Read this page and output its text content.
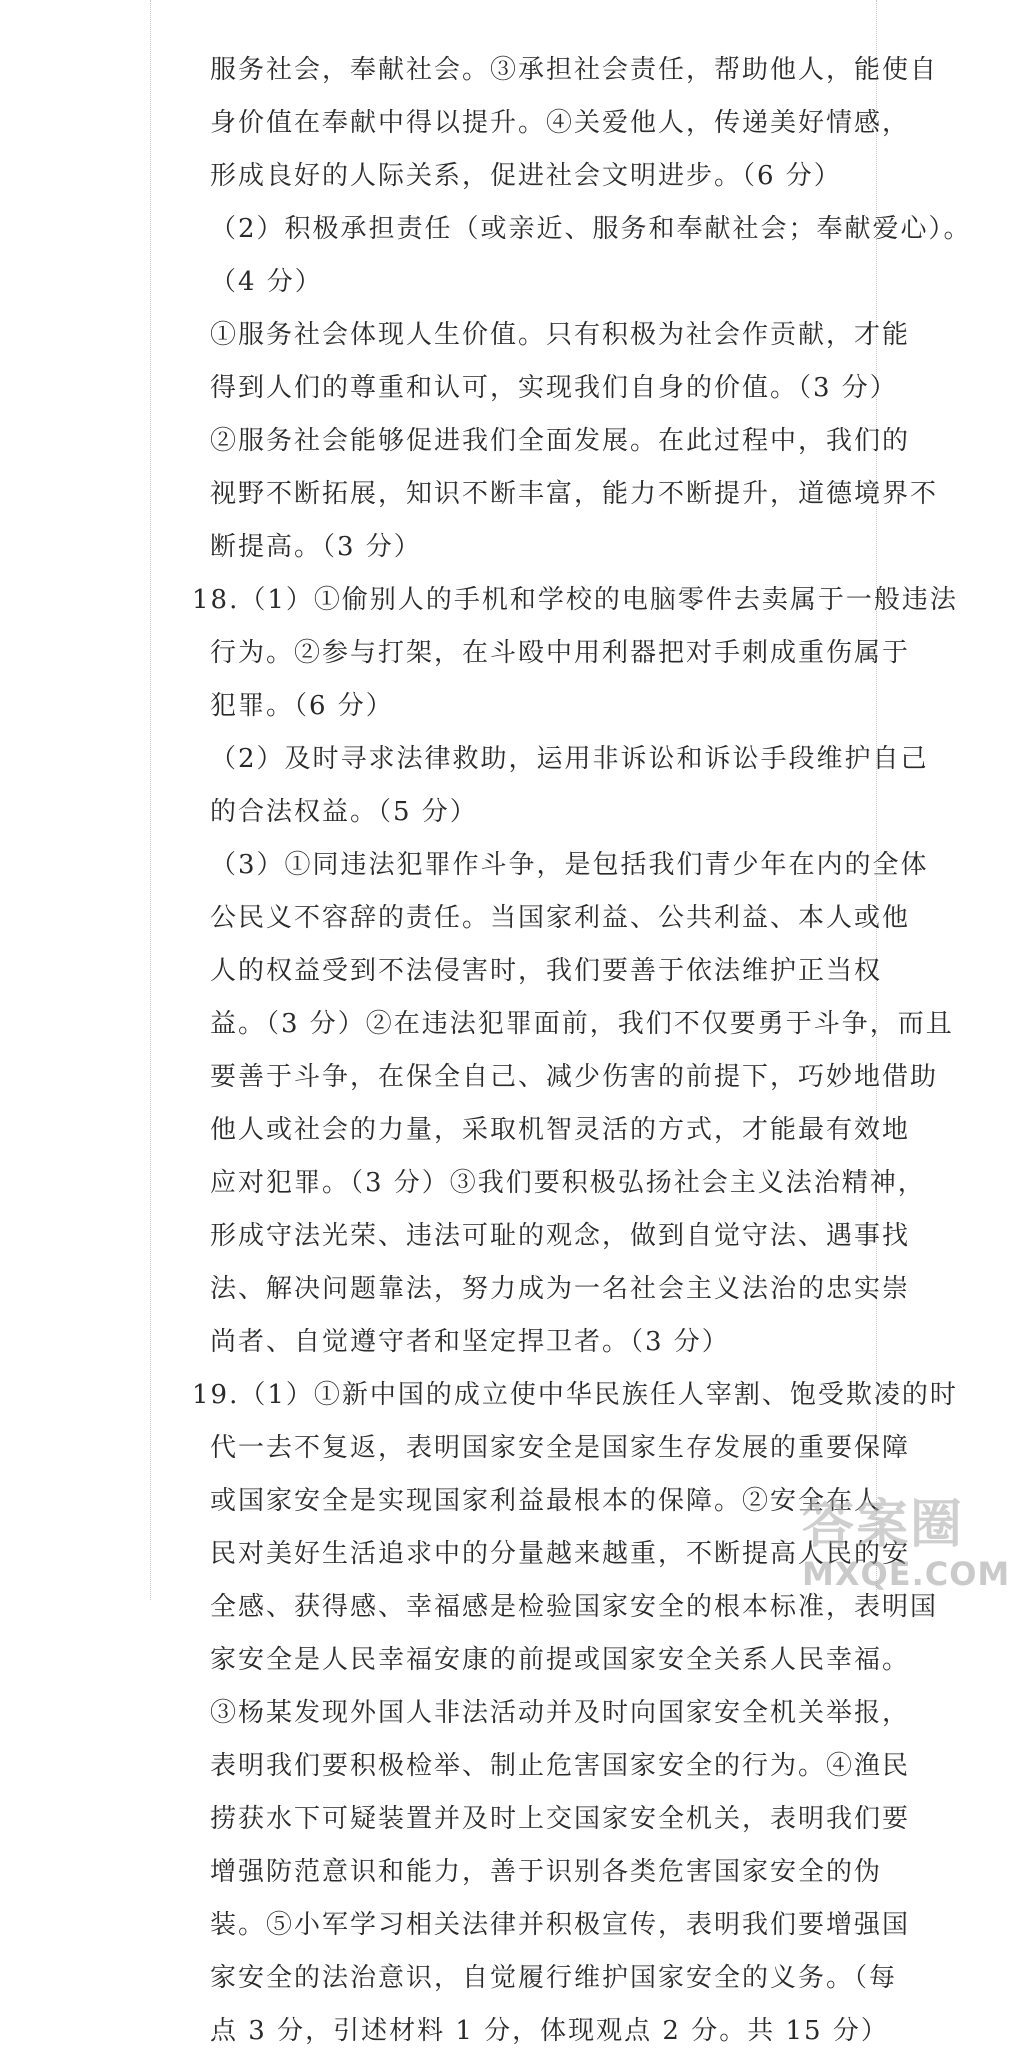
服务社会，奉献社会。③承担社会责任，帮助他人，能使自
身价值在奉献中得以提升。④关爱他人，传递美好情感，
形成良好的人际关系，促进社会文明进步。（6 分）
（2）积极承担责任（或亲近、服务和奉献社会；奉献爱心）。
（4 分）
①服务社会体现人生价值。只有积极为社会作贡献，才能
得到人们的尊重和认可，实现我们自身的价值。（3 分）
②服务社会能够促进我们全面发展。在此过程中，我们的
视野不断拓展，知识不断丰富，能力不断提升，道德境界不
断提高。（3 分）
18.（1）①偷别人的手机和学校的电脑零件去卖属于一般违法
行为。②参与打架，在斗殴中用利器把对手刺成重伤属于
犯罪。（6 分）
（2）及时寻求法律救助，运用非诉讼和诉讼手段维护自己
的合法权益。（5 分）
（3）①同违法犯罪作斗争，是包括我们青少年在内的全体
公民义不容辞的责任。当国家利益、公共利益、本人或他
人的权益受到不法侵害时，我们要善于依法维护正当权
益。（3 分）②在违法犯罪面前，我们不仅要勇于斗争，而且
要善于斗争，在保全自己、减少伤害的前提下，巧妙地借助
他人或社会的力量，采取机智灵活的方式，才能最有效地
应对犯罪。（3 分）③我们要积极弘扬社会主义法治精神，
形成守法光荣、违法可耻的观念，做到自觉守法、遇事找
法、解决问题靠法，努力成为一名社会主义法治的忠实崇
尚者、自觉遵守者和坚定捍卫者。（3 分）
19.（1）①新中国的成立使中华民族任人宰割、饱受欺凌的时
代一去不复返，表明国家安全是国家生存发展的重要保障
或国家安全是实现国家利益最根本的保障。②安全在人
民对美好生活追求中的分量越来越重，不断提高人民的安
全感、获得感、幸福感是检验国家安全的根本标准，表明国
家安全是人民幸福安康的前提或国家安全关系人民幸福。
③杨某发现外国人非法活动并及时向国家安全机关举报，
表明我们要积极检举、制止危害国家安全的行为。④渔民
捞获水下可疑装置并及时上交国家安全机关，表明我们要
增强防范意识和能力，善于识别各类危害国家安全的伪
装。⑤小军学习相关法律并积极宣传，表明我们要增强国
家安全的法治意识，自觉履行维护国家安全的义务。（每
点 3 分，引述材料 1 分，体现观点 2 分。共 15 分）
答案圈
MXQE.COM
